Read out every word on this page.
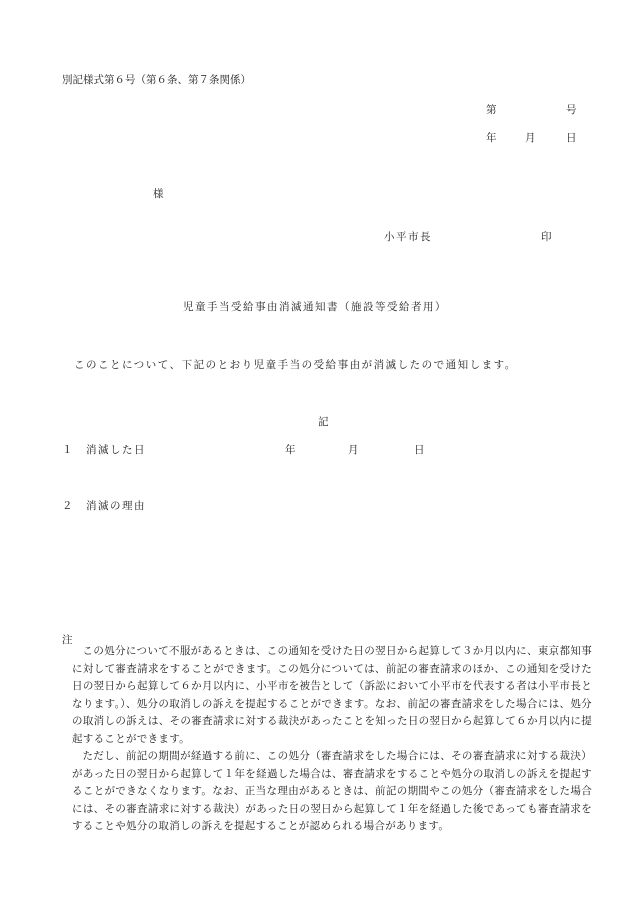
別記様式第６号（第６条、第７条関係）
第	号
年	月	日
様
小平市長	印
児童手当受給事由消滅通知書（施設等受給者用）
このことについて、下記のとおり児童手当の受給事由が消滅したので通知します。
記
１ 消滅した日	年	月	日
２ 消滅の理由
注

この処分について不服があるときは、この通知を受けた日の翌日から起算して３か月以内に、東京都知事に対して審査請求をすることができます。この処分については、前記の審査請求のほか、この通知を受けた日の翌日から起算して６か月以内に、小平市を被告として（訴訟において小平市を代表する者は小平市長となります。）、処分の取消しの訴えを提起することができます。なお、前記の審査請求をした場合には、処分の取消しの訴えは、その審査請求に対する裁決があったことを知った日の翌日から起算して６か月以内に提起することができます。

ただし、前記の期間が経過する前に、この処分（審査請求をした場合には、その審査請求に対する裁決）があった日の翌日から起算して１年を経過した場合は、審査請求をすることや処分の取消しの訴えを提起することができなくなります。なお、正当な理由があるときは、前記の期間やこの処分（審査請求をした場合には、その審査請求に対する裁決）があった日の翌日から起算して１年を経過した後であっても審査請求をすることや処分の取消しの訴えを提起することが認められる場合があります。
